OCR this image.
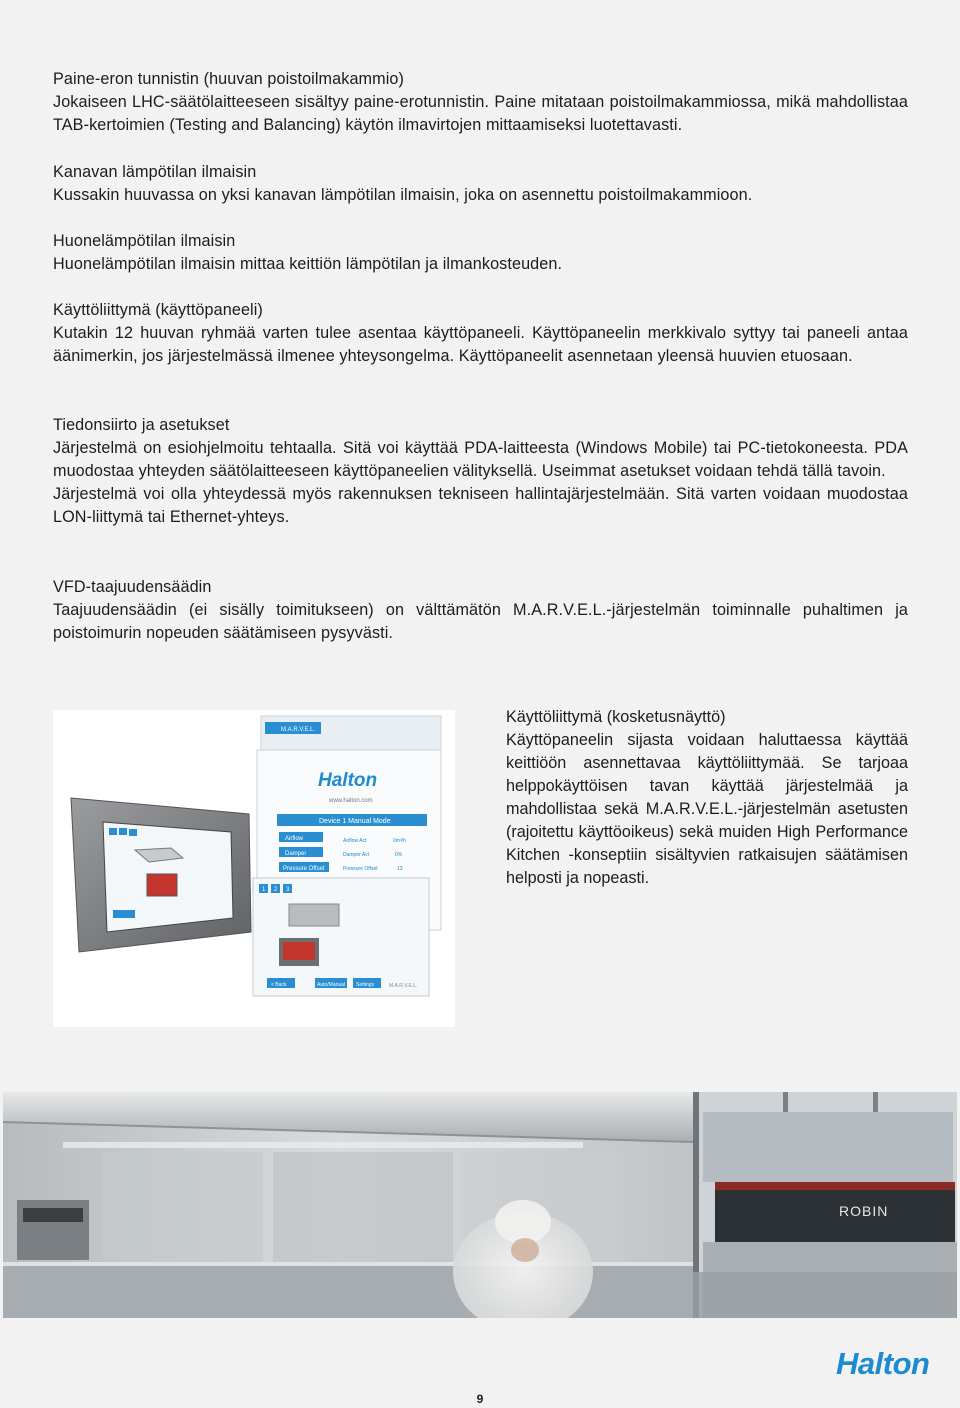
Paine-eron tunnistin (huuvan poistoilmakammio)

Jokaiseen LHC-säätölaitteeseen sisältyy paine-erotunnistin. Paine mitataan poistoilmakammiossa, mikä mahdollistaa TAB-kertoimien (Testing and Balancing) käytön ilmavirtojen mittaamiseksi luotettavasti.

Kanavan lämpötilan ilmaisin

Kussakin huuvassa on yksi kanavan lämpötilan ilmaisin, joka on asennettu poistoilmakammioon.

Huonelämpötilan ilmaisin

Huonelämpötilan ilmaisin mittaa keittiön lämpötilan ja ilmankosteuden.

Käyttöliittymä (käyttöpaneeli)

Kutakin 12 huuvan ryhmää varten tulee asentaa käyttöpaneeli. Käyttöpaneelin merkkivalo syttyy tai paneeli antaa äänimerkin, jos järjestelmässä ilmenee yhteysongelma. Käyttöpaneelit asennetaan yleensä huuvien etuosaan.

Tiedonsiirto ja asetukset

Järjestelmä on esiohjelmoitu tehtaalla. Sitä voi käyttää PDA-laitteesta (Windows Mobile) tai PC-tietokoneesta. PDA muodostaa yhteyden säätölaitteeseen käyttöpaneelien välityksellä. Useimmat asetukset voidaan tehdä tällä tavoin.

Järjestelmä voi olla yhteydessä myös rakennuksen tekniseen hallintajärjestelmään. Sitä varten voidaan muodostaa LON-liittymä tai Ethernet-yhteys.

VFD-taajuudensäädin

Taajuudensäädin (ei sisälly toimitukseen) on välttämätön M.A.R.V.E.L.-järjestelmän toiminnalle puhaltimen ja poistoimurin nopeuden säätämiseen pysyvästi.

M.A.R.V.E.L.
Halton
www.halton.com
Device 1 Manual Mode
Airflow
Damper
Pressure Offset
Airflow Act
Damper Act
Pressure Offset
0m³/h
0%
13
1 2 3
< Back	Auto/Manual Settings	M.A.R.V.E.L.

Käyttöliittymä (kosketusnäyttö)

Käyttöpaneelin sijasta voidaan haluttaessa käyttää keittiöön asennettavaa käyttöliittymää. Se tarjoaa helppokäyttöisen tavan käyttää järjestelmää ja mahdollistaa sekä M.A.R.V.E.L.-järjestelmän asetusten (rajoitettu käyttöoikeus) sekä muiden High Performance Kitchen -konseptiin sisältyvien ratkaisujen säätämisen helposti ja nopeasti.

ROBIN
Halton
9
